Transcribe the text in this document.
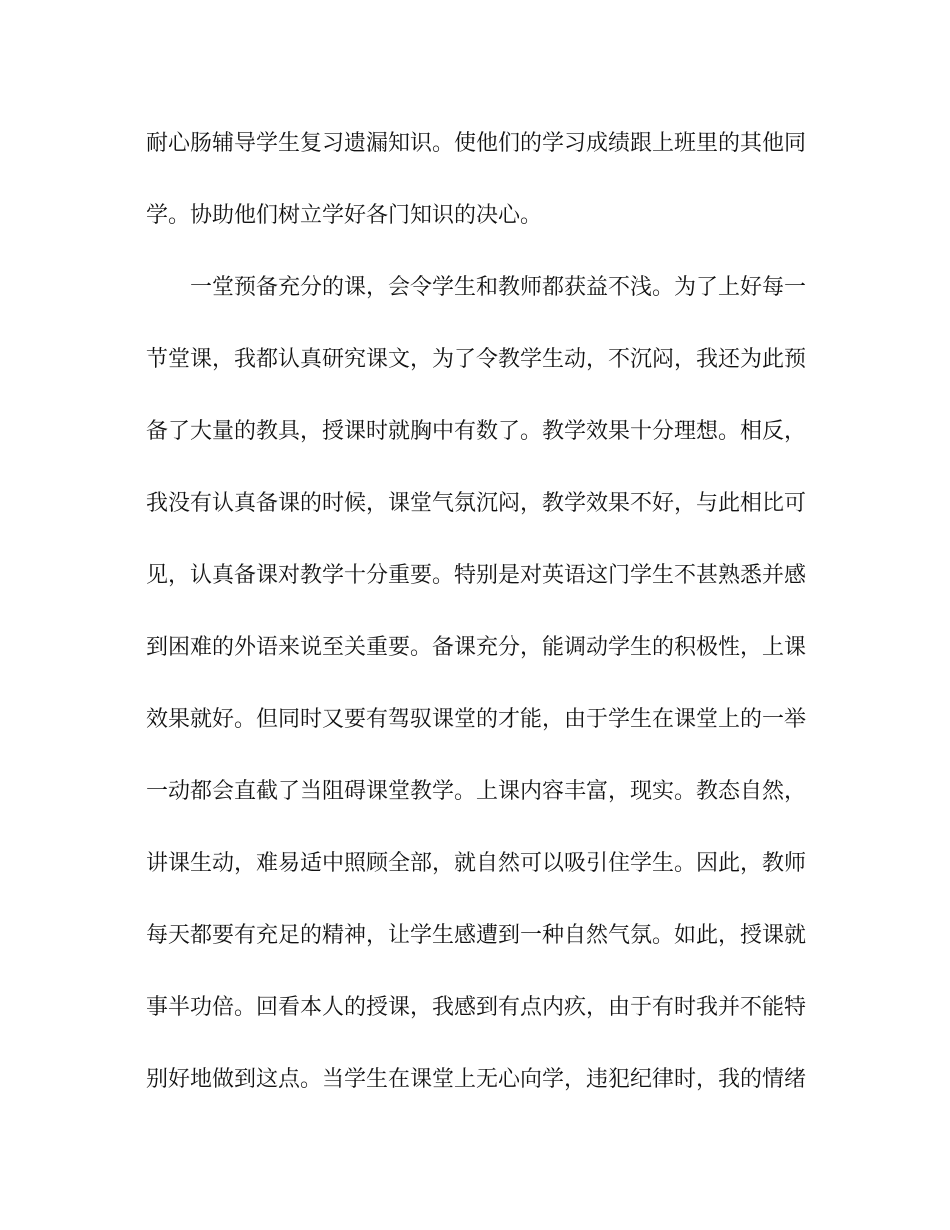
耐心肠辅导学生复习遗漏知识。使他们的学习成绩跟上班里的其他同
学。协助他们树立学好各门知识的决心。
一堂预备充分的课，会令学生和教师都获益不浅。为了上好每一
节堂课，我都认真研究课文，为了令教学生动，不沉闷，我还为此预
备了大量的教具，授课时就胸中有数了。教学效果十分理想。相反，
我没有认真备课的时候，课堂气氛沉闷，教学效果不好，与此相比可
见，认真备课对教学十分重要。特别是对英语这门学生不甚熟悉并感
到困难的外语来说至关重要。备课充分，能调动学生的积极性，上课
效果就好。但同时又要有驾驭课堂的才能，由于学生在课堂上的一举
一动都会直截了当阻碍课堂教学。上课内容丰富，现实。教态自然，
讲课生动，难易适中照顾全部，就自然可以吸引住学生。因此，教师
每天都要有充足的精神，让学生感遭到一种自然气氛。如此，授课就
事半功倍。回看本人的授课，我感到有点内疚，由于有时我并不能特
别好地做到这点。当学生在课堂上无心向学，违犯纪律时，我的情绪
